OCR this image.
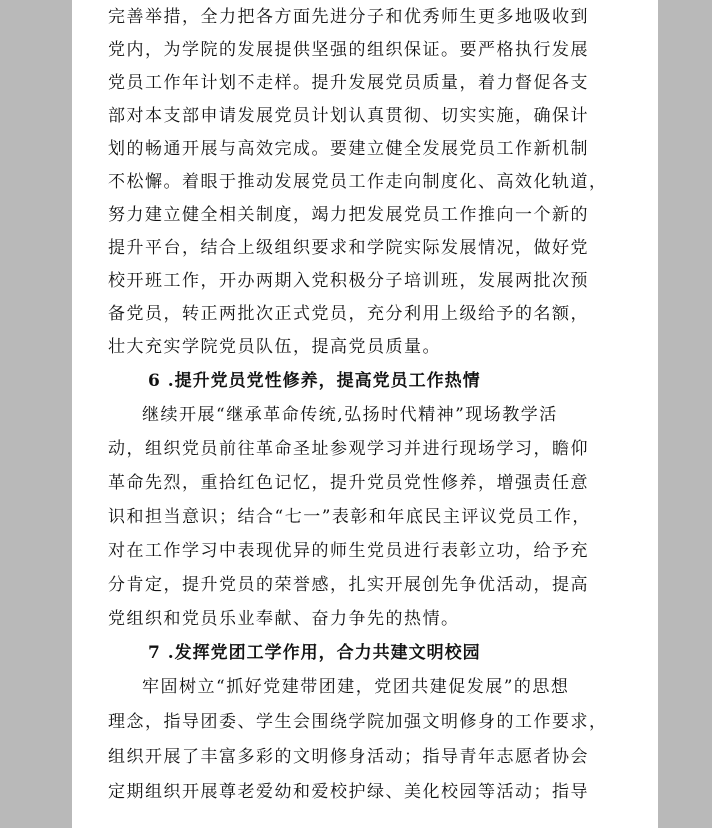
完善举措，全力把各方面先进分子和优秀师生更多地吸收到
党内，为学院的发展提供坚强的组织保证。要严格执行发展
党员工作年计划不走样。提升发展党员质量，着力督促各支
部对本支部申请发展党员计划认真贯彻、切实实施，确保计
划的畅通开展与高效完成。要建立健全发展党员工作新机制
不松懈。着眼于推动发展党员工作走向制度化、高效化轨道，
努力建立健全相关制度，竭力把发展党员工作推向一个新的
提升平台，结合上级组织要求和学院实际发展情况，做好党
校开班工作，开办两期入党积极分子培训班，发展两批次预
备党员，转正两批次正式党员，充分利用上级给予的名额，
壮大充实学院党员队伍，提高党员质量。
6 .提升党员党性修养，提高党员工作热情
继续开展“继承革命传统,弘扬时代精神”现场教学活
动，组织党员前往革命圣址参观学习并进行现场学习，瞻仰
革命先烈，重拾红色记忆，提升党员党性修养，增强责任意
识和担当意识；结合“七一”表彰和年底民主评议党员工作，
对在工作学习中表现优异的师生党员进行表彰立功，给予充
分肯定，提升党员的荣誉感，扎实开展创先争优活动，提高
党组织和党员乐业奉献、奋力争先的热情。
7 .发挥党团工学作用，合力共建文明校园
牢固树立“抓好党建带团建，党团共建促发展”的思想
理念，指导团委、学生会围绕学院加强文明修身的工作要求，
组织开展了丰富多彩的文明修身活动；指导青年志愿者协会
定期组织开展尊老爱幼和爱校护绿、美化校园等活动；指导
